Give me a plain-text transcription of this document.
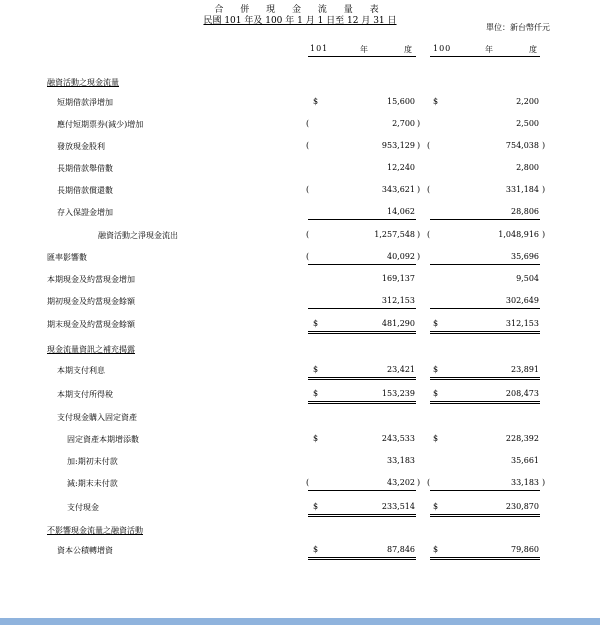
合 併 現 金 流 量 表
民國 101 年及 100 年 1 月 1 日至 12 月 31 日
單位：新台幣仟元
101	年	度	100	年	度
融資活動之現金流量
現金流量資訊之補充揭露
不影響現金流量之融資活動
短期借款淨增加	$	15,600 $	2,200
應付短期票券(減少)增加	(	2,700 )	2,500
發放現金股利	(	953,129 ) (	754,038 )
長期借款舉借數	12,240	2,800
長期借款償還數	(	343,621 ) (	331,184 )
存入保證金增加	14,062	28,806
融資活動之淨現金流出	(	1,257,548 ) (	1,048,916 )
匯率影響數	(	40,092 )	35,696
本期現金及約當現金增加	169,137	9,504
期初現金及約當現金餘額	312,153	302,649
期末現金及約當現金餘額	$	481,290 $	312,153
本期支付利息	$	23,421 $	23,891
本期支付所得稅	$	153,239 $	208,473
支付現金購入固定資產
固定資產本期增添數	$	243,533 $	228,392
加:期初未付款	33,183	35,661
減:期末未付款	(	43,202 ) (	33,183 )
支付現金	$	233,514 $	230,870
資本公積轉增資	$	87,846 $	79,860
